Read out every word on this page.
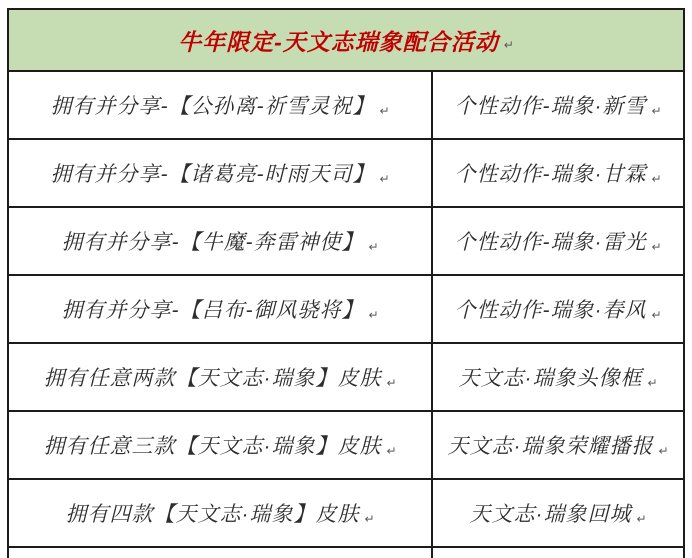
牛年限定-天文志瑞象配合活动 ↵
拥有并分享-【公孙离-祈雪灵祝】 ↵	个性动作-瑞象·新雪 ↵
拥有并分享-【诸葛亮-时雨天司】 ↵	个性动作-瑞象·甘霖 ↵
拥有并分享-【牛魔-奔雷神使】 ↵	个性动作-瑞象·雷光 ↵
拥有并分享-【吕布-御风骁将】 ↵	个性动作-瑞象·春风 ↵
拥有任意两款【天文志·瑞象】皮肤 ↵	天文志·瑞象头像框 ↵
拥有任意三款【天文志·瑞象】皮肤 ↵ 天文志·瑞象荣耀播报 ↵
拥有四款【天文志·瑞象】皮肤 ↵	天文志·瑞象回城 ↵
